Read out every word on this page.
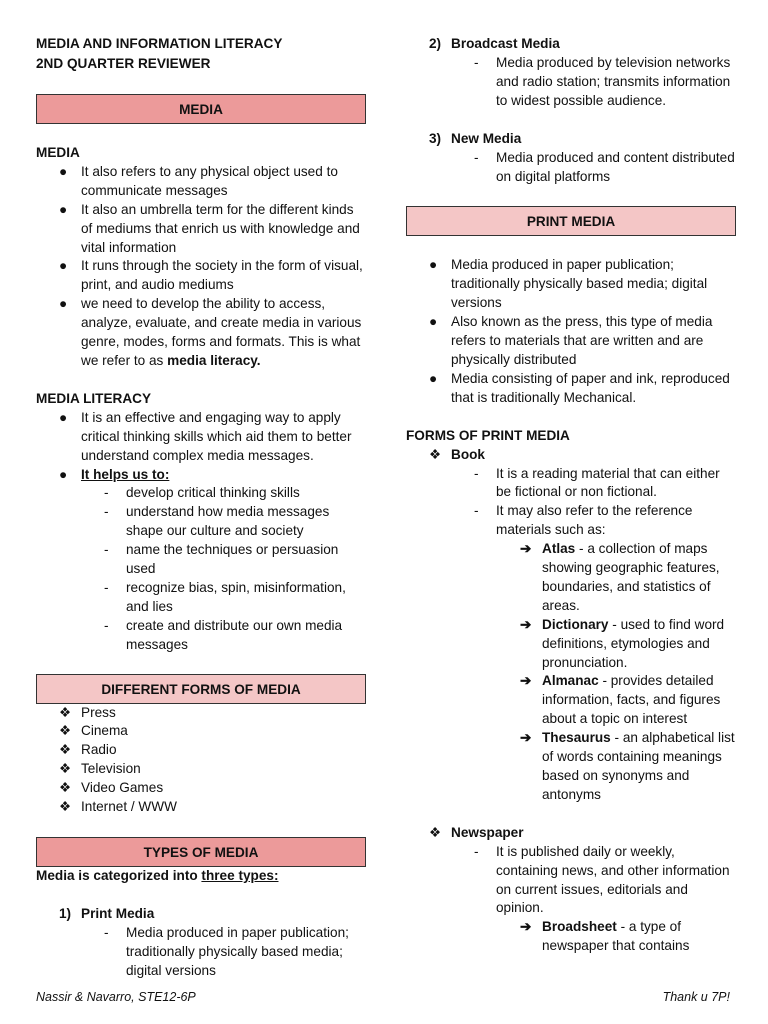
MEDIA AND INFORMATION LITERACY
2ND QUARTER REVIEWER
MEDIA
MEDIA
● It also refers to any physical object used to communicate messages
● It also an umbrella term for the different kinds of mediums that enrich us with knowledge and vital information
● It runs through the society in the form of visual, print, and audio mediums
● we need to develop the ability to access, analyze, evaluate, and create media in various genre, modes, forms and formats. This is what we refer to as media literacy.
MEDIA LITERACY
● It is an effective and engaging way to apply critical thinking skills which aid them to better understand complex media messages.
● It helps us to:
- develop critical thinking skills
- understand how media messages shape our culture and society
- name the techniques or persuasion used
- recognize bias, spin, misinformation, and lies
- create and distribute our own media messages
DIFFERENT FORMS OF MEDIA
❖ Press
❖ Cinema
❖ Radio
❖ Television
❖ Video Games
❖ Internet / WWW
TYPES OF MEDIA
Media is categorized into three types:
1) Print Media
- Media produced in paper publication; traditionally physically based media; digital versions
2) Broadcast Media
- Media produced by television networks and radio station; transmits information to widest possible audience.
3) New Media
- Media produced and content distributed on digital platforms
PRINT MEDIA
● Media produced in paper publication; traditionally physically based media; digital versions
● Also known as the press, this type of media refers to materials that are written and are physically distributed
● Media consisting of paper and ink, reproduced that is traditionally Mechanical.
FORMS OF PRINT MEDIA
❖ Book
- It is a reading material that can either be fictional or non fictional.
- It may also refer to the reference materials such as:
➔ Atlas - a collection of maps showing geographic features, boundaries, and statistics of areas.
➔ Dictionary - used to find word definitions, etymologies and pronunciation.
➔ Almanac - provides detailed information, facts, and figures about a topic on interest
➔ Thesaurus - an alphabetical list of words containing meanings based on synonyms and antonyms
❖ Newspaper
- It is published daily or weekly, containing news, and other information on current issues, editorials and opinion.
➔ Broadsheet - a type of newspaper that contains
Nassir & Navarro, STE12-6P	Thank u 7P!
